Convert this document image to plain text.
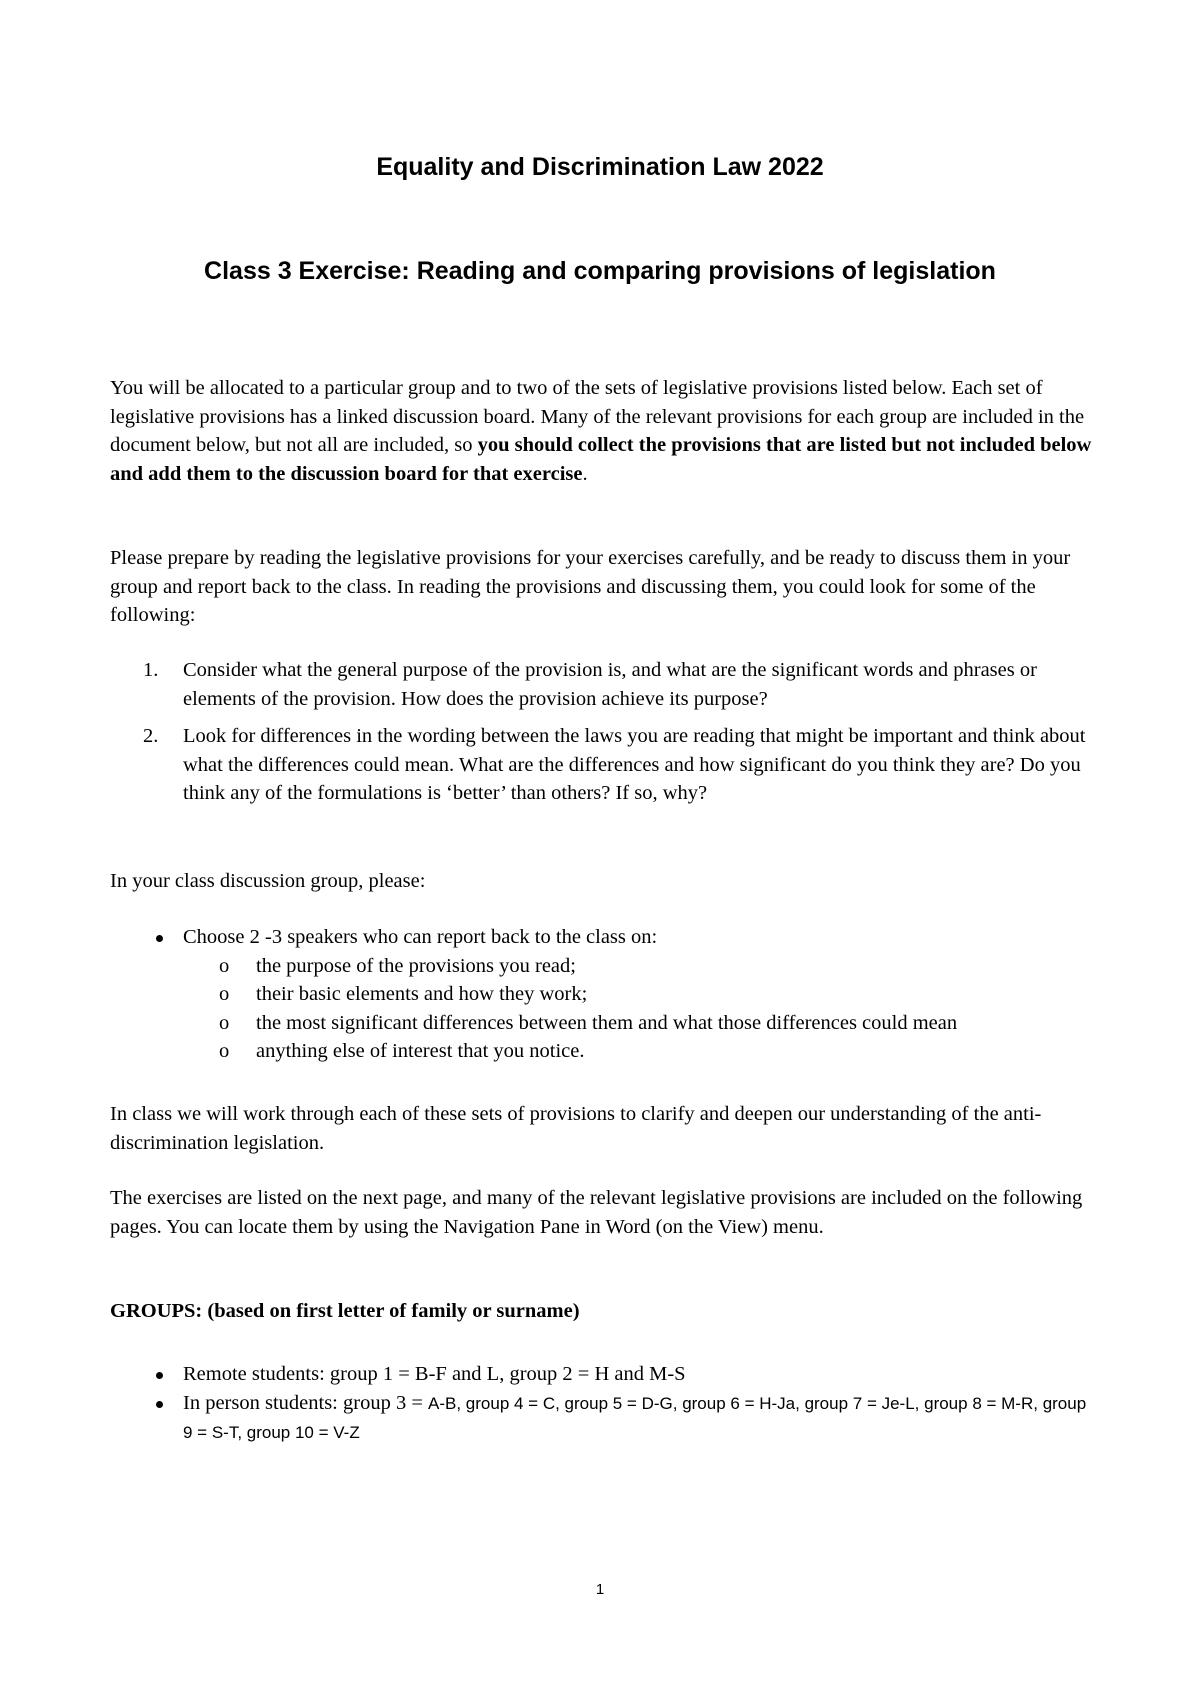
Equality and Discrimination Law 2022
Class 3 Exercise: Reading and comparing provisions of legislation

You will be allocated to a particular group and to two of the sets of legislative provisions listed below. Each set of legislative provisions has a linked discussion board. Many of the relevant provisions for each group are included in the document below, but not all are included, so you should collect the provisions that are listed but not included below and add them to the discussion board for that exercise.

Please prepare by reading the legislative provisions for your exercises carefully, and be ready to discuss them in your group and report back to the class. In reading the provisions and discussing them, you could look for some of the following:

1. Consider what the general purpose of the provision is, and what are the significant words and phrases or elements of the provision. How does the provision achieve its purpose?
2. Look for differences in the wording between the laws you are reading that might be important and think about what the differences could mean. What are the differences and how significant do you think they are? Do you think any of the formulations is ‘better’ than others? If so, why?

In your class discussion group, please:

Choose 2 -3 speakers who can report back to the class on:
o the purpose of the provisions you read;
o their basic elements and how they work;
o the most significant differences between them and what those differences could mean
o anything else of interest that you notice.

In class we will work through each of these sets of provisions to clarify and deepen our understanding of the anti-discrimination legislation.

The exercises are listed on the next page, and many of the relevant legislative provisions are included on the following pages. You can locate them by using the Navigation Pane in Word (on the View) menu.

GROUPS: (based on first letter of family or surname)

Remote students: group 1 = B-F and L, group 2 = H and M-S
In person students: group 3 = A-B, group 4 = C, group 5 = D-G, group 6 = H-Ja, group 7 = Je-L, group 8 = M-R, group 9 = S-T, group 10 = V-Z
1
